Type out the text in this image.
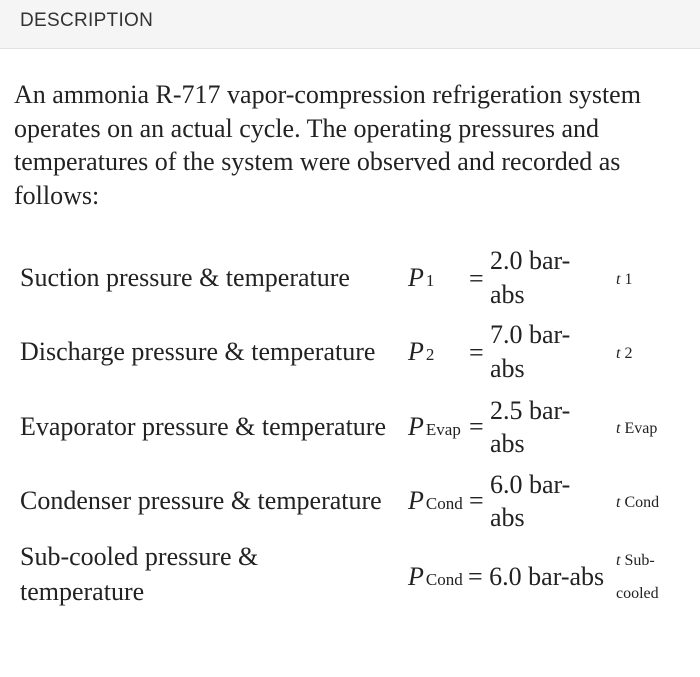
DESCRIPTION

An ammonia R-717 vapor-compression refrigeration system operates on an actual cycle. The operating pressures and temperatures of the system were observed and recorded as follows:

Suction pressure & temperature P 1 =
2.0 bar-
abs
t 1
Discharge pressure & temperature P 2 =
7.0 bar-
abs
t 2
Evaporator pressure & temperature P Evap =
2.5 bar-
abs
t Evap
Condenser pressure & temperature P Cond =
6.0 bar-
abs
t Cond
Sub-cooled pressure &
temperature
P Cond = 6.0 bar-abs
t Sub-
cooled
